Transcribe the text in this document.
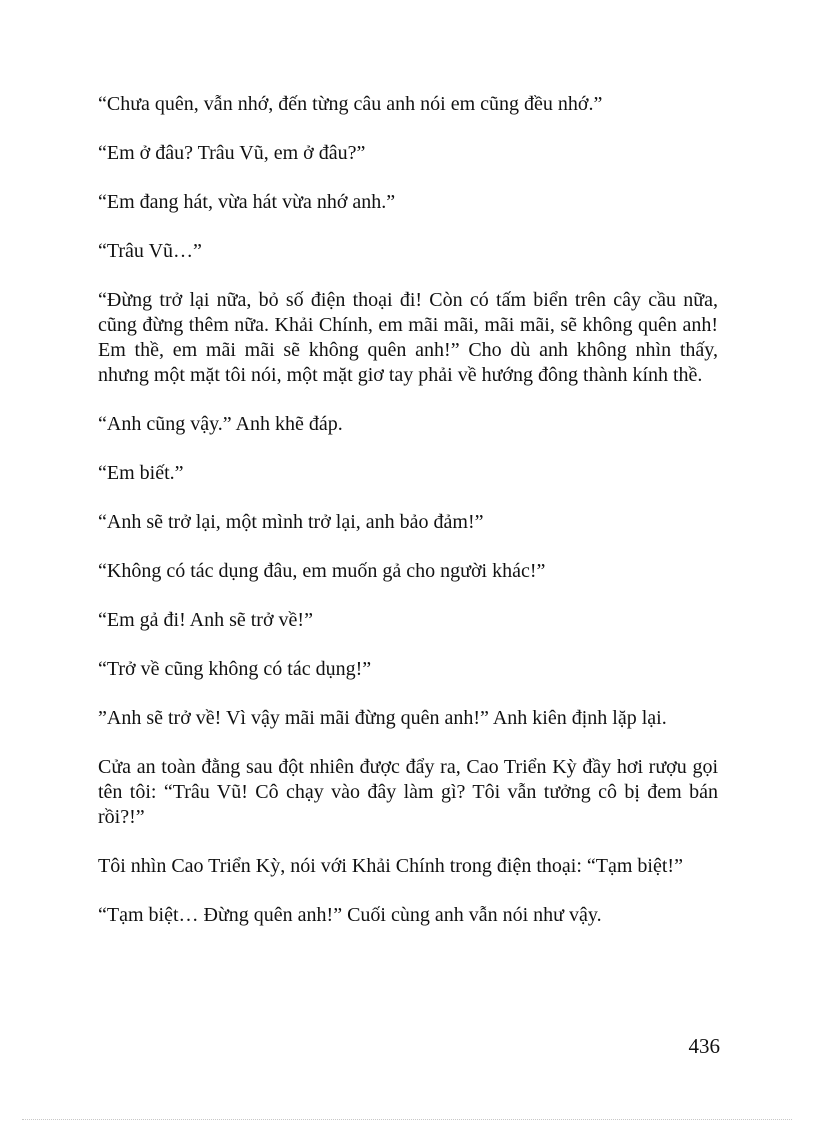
“Chưa quên, vẫn nhớ, đến từng câu anh nói em cũng đều nhớ.”

“Em ở đâu? Trâu Vũ, em ở đâu?”

“Em đang hát, vừa hát vừa nhớ anh.”

“Trâu Vũ…”

“Đừng trở lại nữa, bỏ số điện thoại đi! Còn có tấm biển trên cây cầu nữa, cũng đừng thêm nữa. Khải Chính, em mãi mãi, mãi mãi, sẽ không quên anh! Em thề, em mãi mãi sẽ không quên anh!” Cho dù anh không nhìn thấy, nhưng một mặt tôi nói, một mặt giơ tay phải về hướng đông thành kính thề.

“Anh cũng vậy.” Anh khẽ đáp.

“Em biết.”

“Anh sẽ trở lại, một mình trở lại, anh bảo đảm!”

“Không có tác dụng đâu, em muốn gả cho người khác!”

“Em gả đi! Anh sẽ trở về!”

“Trở về cũng không có tác dụng!”

”Anh sẽ trở về! Vì vậy mãi mãi đừng quên anh!” Anh kiên định lặp lại.

Cửa an toàn đằng sau đột nhiên được đẩy ra, Cao Triển Kỳ đầy hơi rượu gọi tên tôi: “Trâu Vũ! Cô chạy vào đây làm gì? Tôi vẫn tưởng cô bị đem bán rồi?!”

Tôi nhìn Cao Triển Kỳ, nói với Khải Chính trong điện thoại: “Tạm biệt!”

“Tạm biệt… Đừng quên anh!” Cuối cùng anh vẫn nói như vậy.

436
